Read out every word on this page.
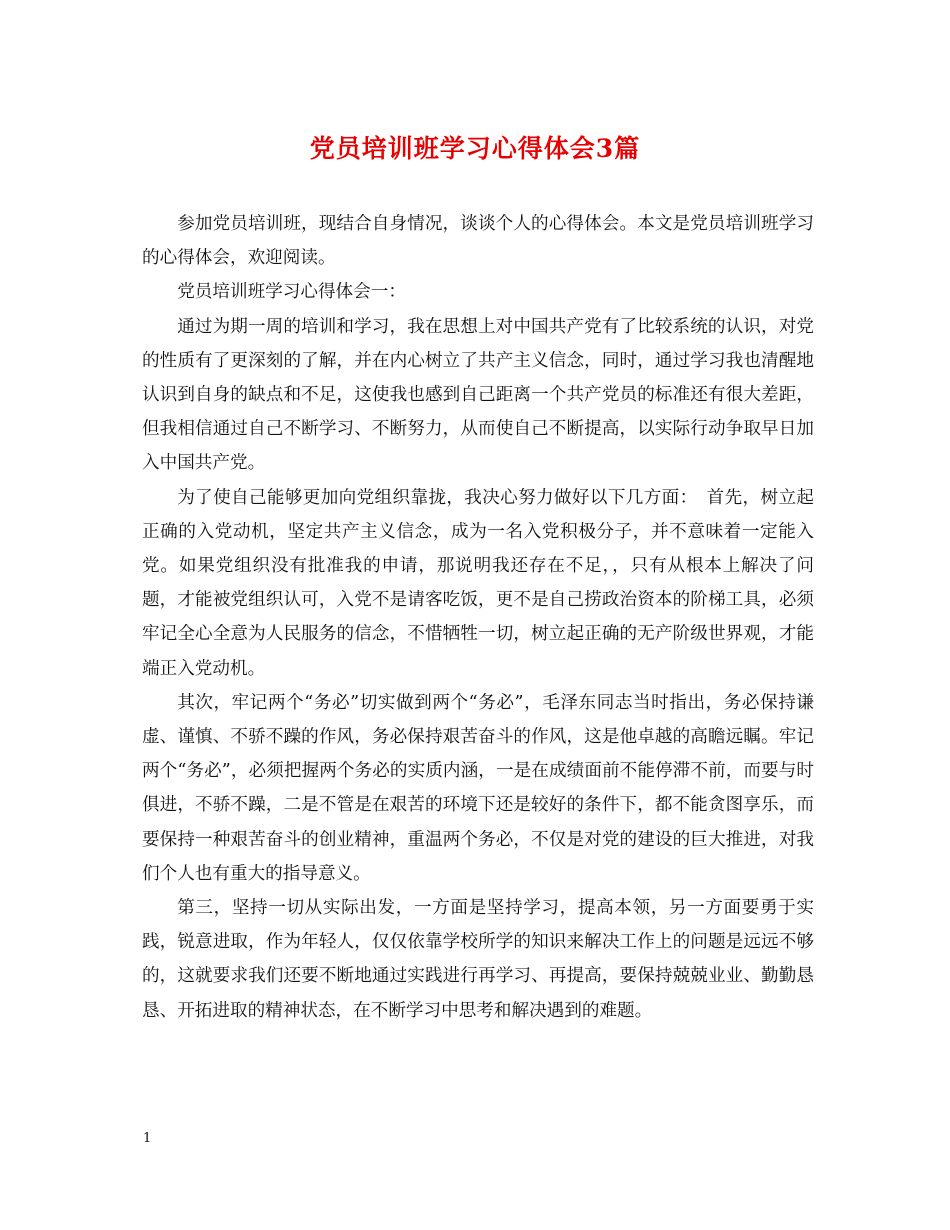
党员培训班学习心得体会3篇

参加党员培训班，现结合自身情况，谈谈个人的心得体会。本文是党员培训班学习的心得体会，欢迎阅读。

党员培训班学习心得体会一：

通过为期一周的培训和学习，我在思想上对中国共产党有了比较系统的认识，对党的性质有了更深刻的了解，并在内心树立了共产主义信念，同时，通过学习我也清醒地认识到自身的缺点和不足，这使我也感到自己距离一个共产党员的标准还有很大差距，但我相信通过自己不断学习、不断努力，从而使自己不断提高，以实际行动争取早日加入中国共产党。

为了使自己能够更加向党组织靠拢，我决心努力做好以下几方面：　首先，树立起正确的入党动机，坚定共产主义信念，成为一名入党积极分子，并不意味着一定能入党。如果党组织没有批准我的申请，那说明我还存在不足，，只有从根本上解决了问题，才能被党组织认可，入党不是请客吃饭，更不是自己捞政治资本的阶梯工具，必须牢记全心全意为人民服务的信念，不惜牺牲一切，树立起正确的无产阶级世界观，才能端正入党动机。

其次，牢记两个“务必”切实做到两个“务必”，毛泽东同志当时指出，务必保持谦虚、谨慎、不骄不躁的作风，务必保持艰苦奋斗的作风，这是他卓越的高瞻远瞩。牢记两个“务必”，必须把握两个务必的实质内涵，一是在成绩面前不能停滞不前，而要与时俱进，不骄不躁，二是不管是在艰苦的环境下还是较好的条件下，都不能贪图享乐，而要保持一种艰苦奋斗的创业精神，重温两个务必，不仅是对党的建设的巨大推进，对我们个人也有重大的指导意义。

第三，坚持一切从实际出发，一方面是坚持学习，提高本领，另一方面要勇于实践，锐意进取，作为年轻人，仅仅依靠学校所学的知识来解决工作上的问题是远远不够的，这就要求我们还要不断地通过实践进行再学习、再提高，要保持兢兢业业、勤勤恳恳、开拓进取的精神状态，在不断学习中思考和解决遇到的难题。

1
